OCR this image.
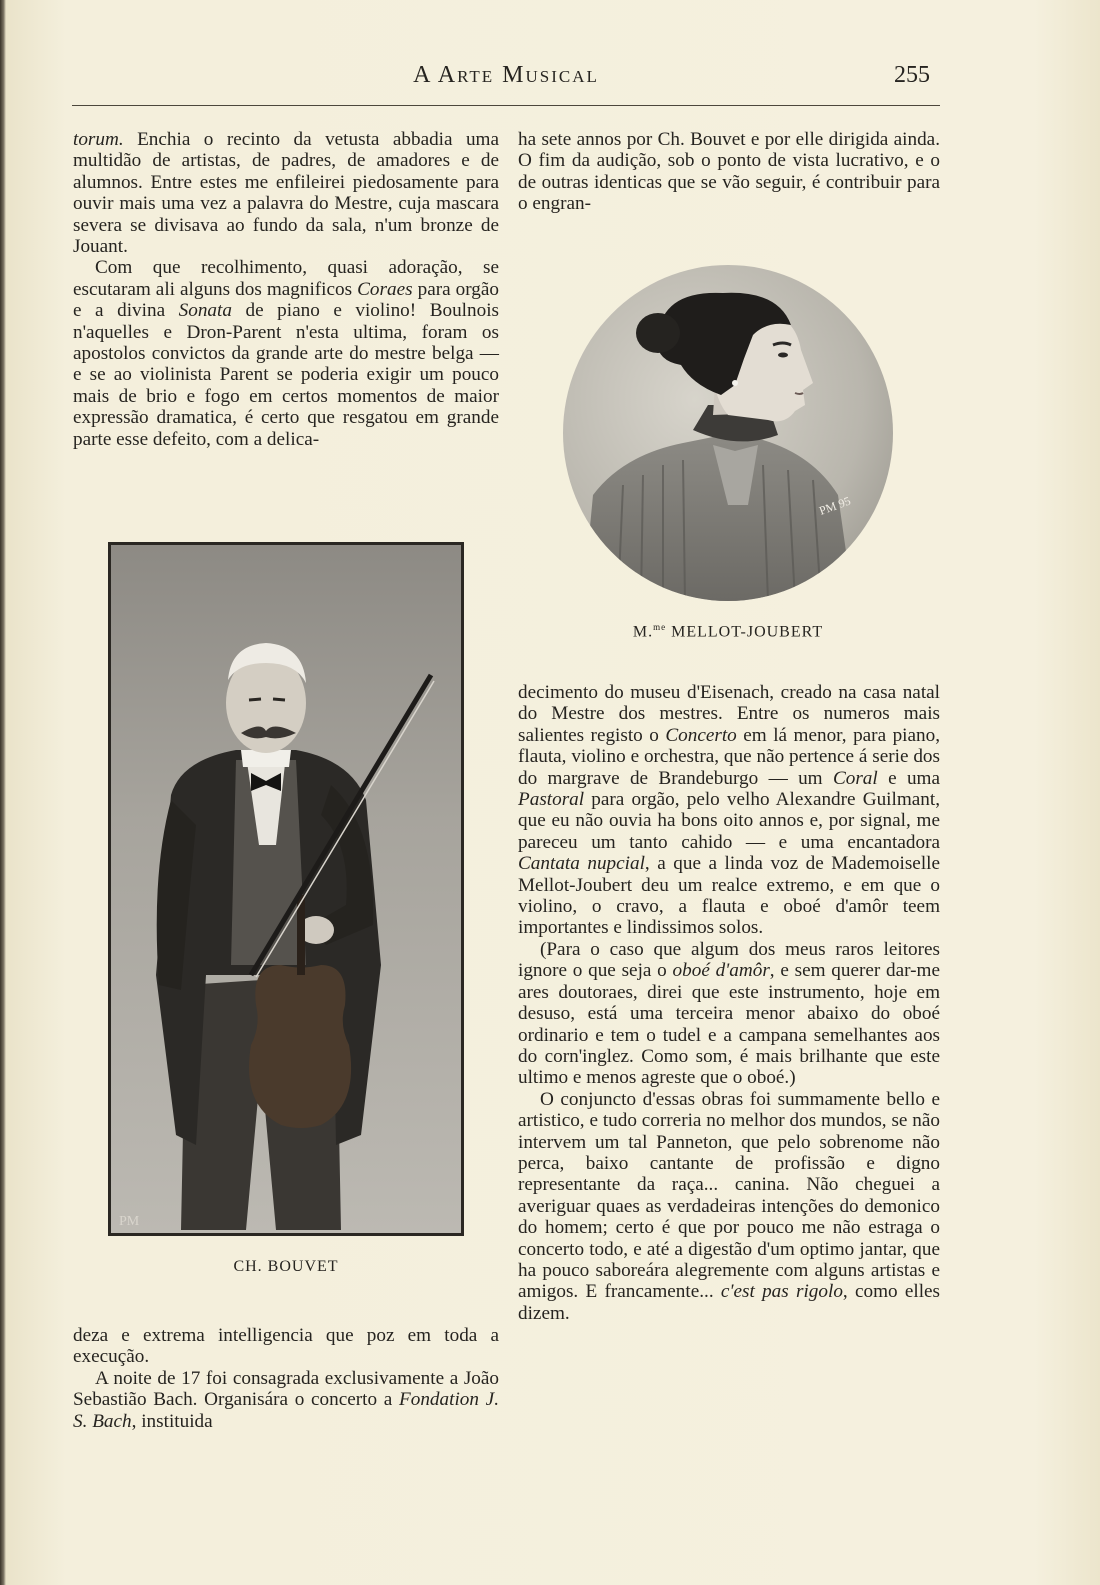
A Arte Musical	255

torum. Enchia o recinto da vetusta abbadia uma multidão de artistas, de padres, de amadores e de alumnos. Entre estes me enfileirei piedosamente para ouvir mais uma vez a palavra do Mestre, cuja mascara severa se divisava ao fundo da sala, n'um bronze de Jouant.

Com que recolhimento, quasi adoração, se escutaram ali alguns dos magnificos Coraes para orgão e a divina Sonata de piano e violino! Boulnois n'aquelles e Dron-Parent n'esta ultima, foram os apostolos convictos da grande arte do mestre belga — e se ao violinista Parent se poderia exigir um pouco mais de brio e fogo em certos momentos de maior expressão dramatica, é certo que resgatou em grande parte esse defeito, com a delica-

ha sete annos por Ch. Bouvet e por elle dirigida ainda. O fim da audição, sob o ponto de vista lucrativo, e o de outras identicas que se vão seguir, é contribuir para o engran-

PM 95
M.$^{me}$ MELLOT-JOUBERT
PM
CH. BOUVET

decimento do museu d'Eisenach, creado na casa natal do Mestre dos mestres. Entre os numeros mais salientes registo o Concerto em lá menor, para piano, flauta, violino e orchestra, que não pertence á serie dos do margrave de Brandeburgo — um Coral e uma Pastoral para orgão, pelo velho Alexandre Guilmant, que eu não ouvia ha bons oito annos e, por signal, me pareceu um tanto cahido — e uma encantadora Cantata nupcial, a que a linda voz de Mademoiselle Mellot-Joubert deu um realce extremo, e em que o violino, o cravo, a flauta e oboé d'amôr teem importantes e lindissimos solos.

(Para o caso que algum dos meus raros leitores ignore o que seja o oboé d'amôr, e sem querer dar-me ares doutoraes, direi que este instrumento, hoje em desuso, está uma terceira menor abaixo do oboé ordinario e tem o tudel e a campana semelhantes aos do corn'inglez. Como som, é mais brilhante que este ultimo e menos agreste que o oboé.)

O conjuncto d'essas obras foi summamente bello e artistico, e tudo correria no melhor dos mundos, se não intervem um tal Panneton, que pelo sobrenome não perca, baixo cantante de profissão e digno representante da raça... canina. Não cheguei a averiguar quaes as verdadeiras intenções do demonico do homem; certo é que por pouco me não estraga o concerto todo, e até a digestão d'um optimo jantar, que ha pouco saboreára alegremente com alguns artistas e amigos. E francamente... c'est pas rigolo, como elles dizem.

deza e extrema intelligencia que poz em toda a execução.

A noite de 17 foi consagrada exclusivamente a João Sebastião Bach. Organisára o concerto a Fondation J. S. Bach, instituida
